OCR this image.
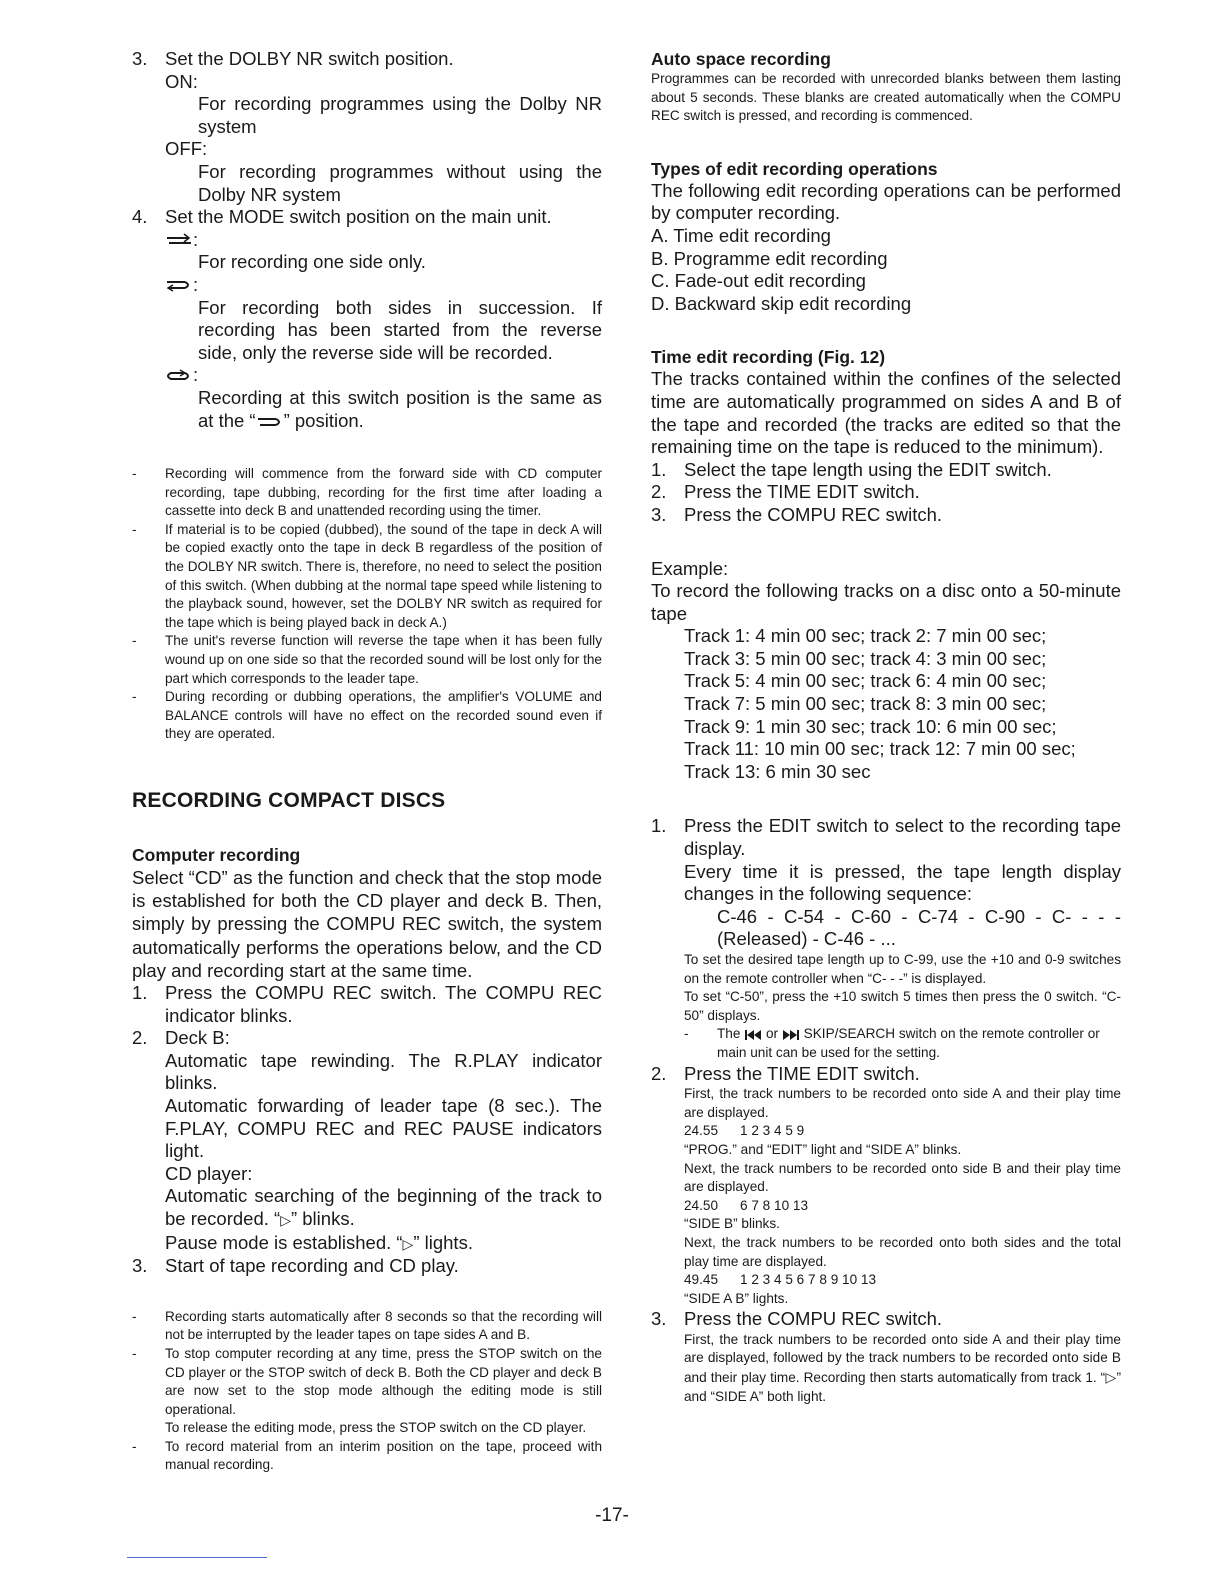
3. Set the DOLBY NR switch position.
ON:
For recording programmes using the Dolby NR system
OFF:
For recording programmes without using the Dolby NR system
4. Set the MODE switch position on the main unit.
:
For recording one side only.
:
For recording both sides in succession. If recording has been started from the reverse side, only the reverse side will be recorded.
:
Recording at this switch position is the same as at the “ ” position.
- Recording will commence from the forward side with CD computer recording, tape dubbing, recording for the first time after loading a cassette into deck B and unattended recording using the timer.
- If material is to be copied (dubbed), the sound of the tape in deck A will be copied exactly onto the tape in deck B regardless of the position of the DOLBY NR switch. There is, therefore, no need to select the position of this switch. (When dubbing at the normal tape speed while listening to the playback sound, however, set the DOLBY NR switch as required for the tape which is being played back in deck A.)
- The unit's reverse function will reverse the tape when it has been fully wound up on one side so that the recorded sound will be lost only for the part which corresponds to the leader tape.
- During recording or dubbing operations, the amplifier's VOLUME and BALANCE controls will have no effect on the recorded sound even if they are operated.
RECORDING COMPACT DISCS
Computer recording
Select “CD” as the function and check that the stop mode is established for both the CD player and deck B. Then, simply by pressing the COMPU REC switch, the system automatically performs the operations below, and the CD play and recording start at the same time.
1. Press the COMPU REC switch. The COMPU REC indicator blinks.
2. Deck B:
Automatic tape rewinding. The R.PLAY indicator blinks.
Automatic forwarding of leader tape (8 sec.). The F.PLAY, COMPU REC and REC PAUSE indicators light.
CD player:
Automatic searching of the beginning of the track to be recorded. “▷” blinks.
Pause mode is established. “▷” lights.
3. Start of tape recording and CD play.
- Recording starts automatically after 8 seconds so that the recording will not be interrupted by the leader tapes on tape sides A and B.
- To stop computer recording at any time, press the STOP switch on the CD player or the STOP switch of deck B. Both the CD player and deck B are now set to the stop mode although the editing mode is still operational.
To release the editing mode, press the STOP switch on the CD player.
- To record material from an interim position on the tape, proceed with manual recording.
Auto space recording
Programmes can be recorded with unrecorded blanks between them lasting about 5 seconds. These blanks are created automatically when the COMPU REC switch is pressed, and recording is commenced.
Types of edit recording operations
The following edit recording operations can be performed by computer recording.
A. Time edit recording
B. Programme edit recording
C. Fade-out edit recording
D. Backward skip edit recording
Time edit recording (Fig. 12)
The tracks contained within the confines of the selected time are automatically programmed on sides A and B of the tape and recorded (the tracks are edited so that the remaining time on the tape is reduced to the minimum).
1. Select the tape length using the EDIT switch.
2. Press the TIME EDIT switch.
3. Press the COMPU REC switch.
Example:
To record the following tracks on a disc onto a 50-minute tape
Track 1: 4 min 00 sec; track 2: 7 min 00 sec;
Track 3: 5 min 00 sec; track 4: 3 min 00 sec;
Track 5: 4 min 00 sec; track 6: 4 min 00 sec;
Track 7: 5 min 00 sec; track 8: 3 min 00 sec;
Track 9: 1 min 30 sec; track 10: 6 min 00 sec;
Track 11: 10 min 00 sec; track 12: 7 min 00 sec;
Track 13: 6 min 30 sec
1. Press the EDIT switch to select to the recording tape display.
Every time it is pressed, the tape length display changes in the following sequence:
C-46 - C-54 - C-60 - C-74 - C-90 - C- - - - (Released) - C-46 - ...
To set the desired tape length up to C-99, use the +10 and 0-9 switches on the remote controller when “C- - -” is displayed.
To set “C-50”, press the +10 switch 5 times then press the 0 switch. “C-50” displays.
- The or SKIP/SEARCH switch on the remote controller or main unit can be used for the setting.
2. Press the TIME EDIT switch.
First, the track numbers to be recorded onto side A and their play time are displayed.
24.55	1 2 3 4 5 9
“PROG.” and “EDIT” light and “SIDE A” blinks.
Next, the track numbers to be recorded onto side B and their play time are displayed.
24.50	6 7 8 10 13
“SIDE B” blinks.
Next, the track numbers to be recorded onto both sides and the total play time are displayed.
49.45	1 2 3 4 5 6 7 8 9 10 13
“SIDE A B” lights.
3. Press the COMPU REC switch.
First, the track numbers to be recorded onto side A and their play time are displayed, followed by the track numbers to be recorded onto side B and their play time. Recording then starts automatically from track 1. “▷” and “SIDE A” both light.
-17-
